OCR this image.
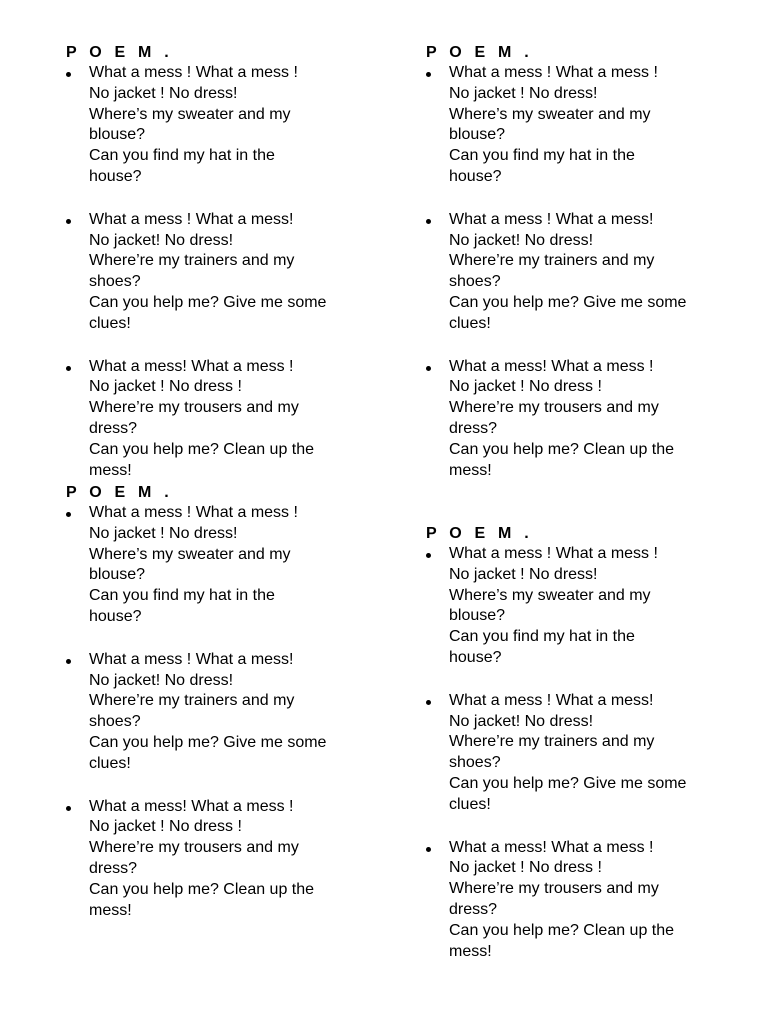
P O E M .
What a mess ! What a mess !
No jacket ! No dress!
Where’s my sweater and my
blouse?
Can you find my hat in the
house?
What a mess ! What a mess!
No jacket! No dress!
Where’re my trainers and my
shoes?
Can you help me? Give me some
clues!
What a mess! What a mess !
No jacket ! No dress !
Where’re my trousers and my
dress?
Can you help me? Clean up the
mess!
P O E M .
What a mess ! What a mess !
No jacket ! No dress!
Where’s my sweater and my
blouse?
Can you find my hat in the
house?
What a mess ! What a mess!
No jacket! No dress!
Where’re my trainers and my
shoes?
Can you help me? Give me some
clues!
What a mess! What a mess !
No jacket ! No dress !
Where’re my trousers and my
dress?
Can you help me? Clean up the
mess!
P O E M .
What a mess ! What a mess !
No jacket ! No dress!
Where’s my sweater and my
blouse?
Can you find my hat in the
house?
What a mess ! What a mess!
No jacket! No dress!
Where’re my trainers and my
shoes?
Can you help me? Give me some
clues!
What a mess! What a mess !
No jacket ! No dress !
Where’re my trousers and my
dress?
Can you help me? Clean up the
mess!
P O E M .
What a mess ! What a mess !
No jacket ! No dress!
Where’s my sweater and my
blouse?
Can you find my hat in the
house?
What a mess ! What a mess!
No jacket! No dress!
Where’re my trainers and my
shoes?
Can you help me? Give me some
clues!
What a mess! What a mess !
No jacket ! No dress !
Where’re my trousers and my
dress?
Can you help me? Clean up the
mess!
